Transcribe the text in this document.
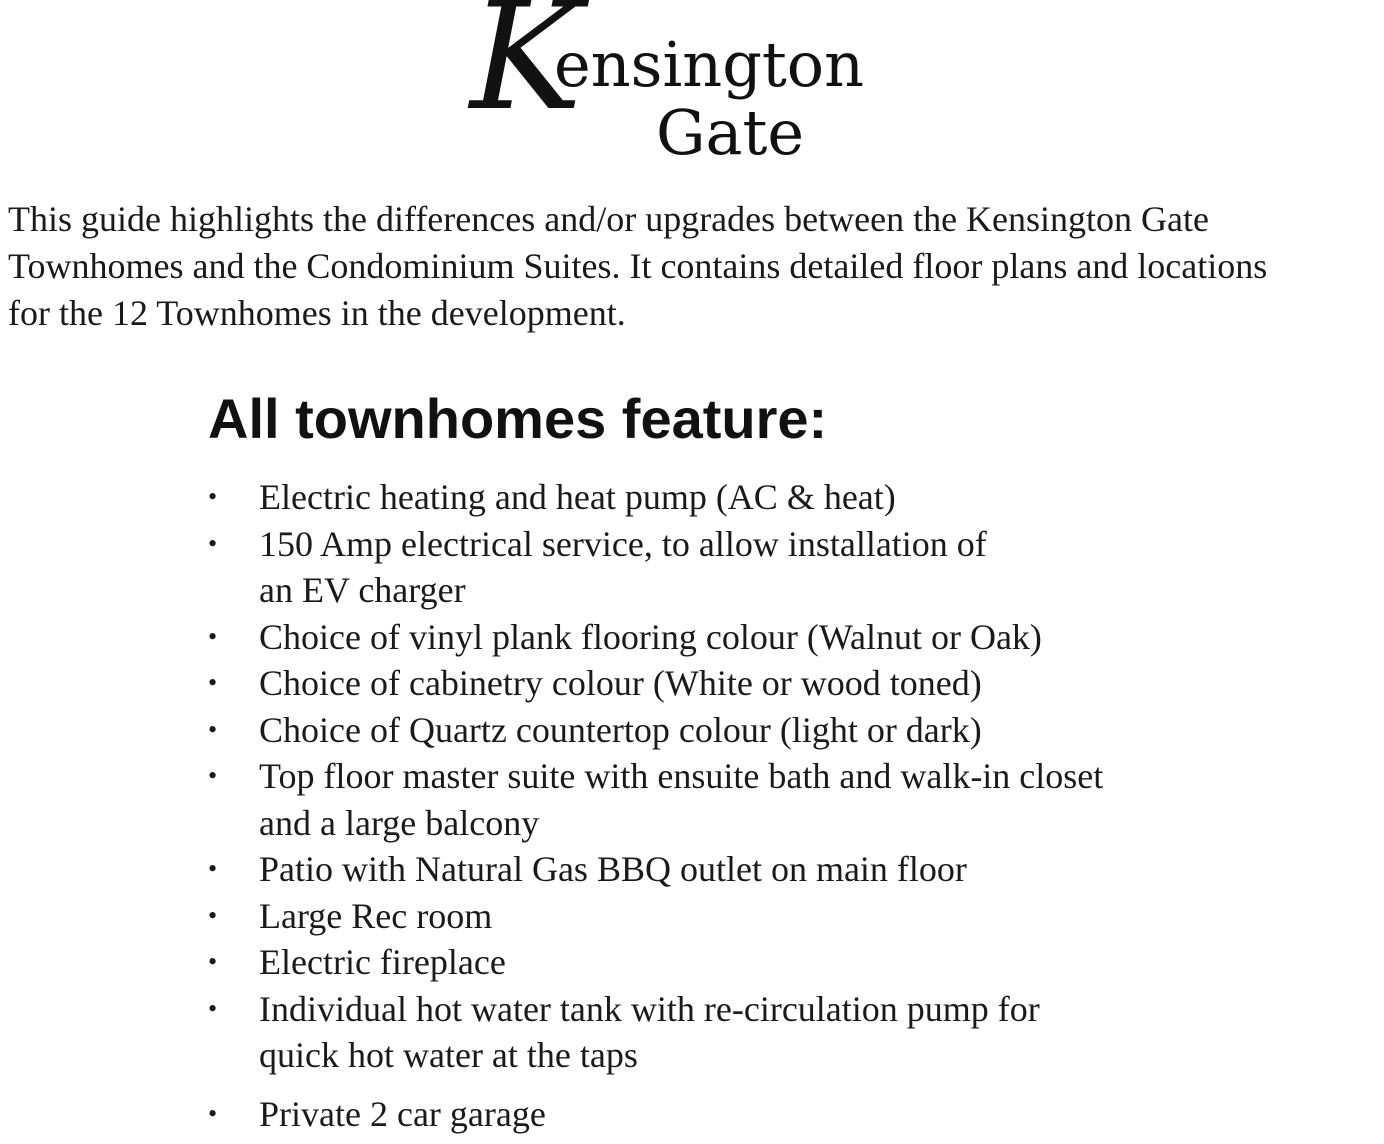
K
ensington
Gate

This guide highlights the differences and/or upgrades between the Kensington Gate
Townhomes and the Condominium Suites. It contains detailed floor plans and locations
for the 12 Townhomes in the development.

All townhomes feature:
•	Electric heating and heat pump (AC & heat)
•	150 Amp electrical service, to allow installation of
an EV charger
•	Choice of vinyl plank flooring colour (Walnut or Oak)
•	Choice of cabinetry colour (White or wood toned)
•	Choice of Quartz countertop colour (light or dark)
•	Top floor master suite with ensuite bath and walk-in closet
and a large balcony
•	Patio with Natural Gas BBQ outlet on main floor
•	Large Rec room
•	Electric fireplace
•	Individual hot water tank with re-circulation pump for
quick hot water at the taps
•	Private 2 car garage
